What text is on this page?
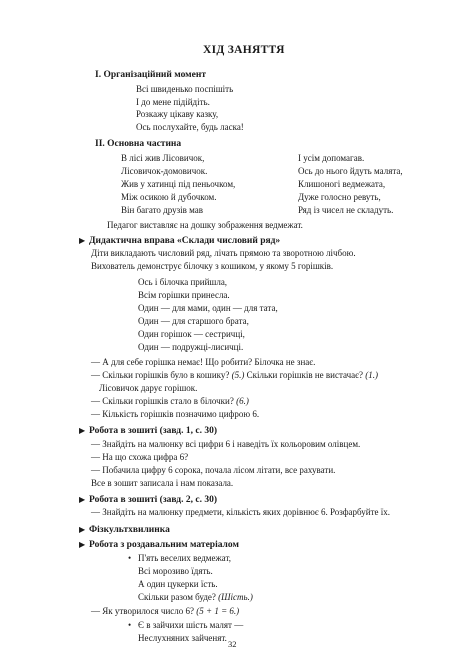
ХІД ЗАНЯТТЯ
І. Організаційний момент
Всі швиденько поспішіть
І до мене підійдіть.
Розкажу цікаву казку,
Ось послухайте, будь ласка!
ІІ. Основна частина
В лісі жив Лісовичок,
Лісовичок-домовичок.
Жив у хатинці під пеньочком,
Між осикою й дубочком.
Він багато друзів мав
І усім допомагав.
Ось до нього йдуть малята,
Клишоногі ведмежата,
Дуже голосно ревуть,
Ряд із чисел не складуть.
Педагог виставляє на дошку зображення ведмежат.
▶ Дидактична вправа «Склади числовий ряд»
Діти викладають числовий ряд, лічать прямою та зворотною лічбою.
Вихователь демонструє білочку з кошиком, у якому 5 горішків.
Ось і білочка прийшла,
Всім горішки принесла.
Один — для мами, один — для тата,
Один — для старшого брата,
Один горішок — сестричці,
Один — подружці-лисичці.
— А для себе горішка немає! Що робити? Білочка не знає.
— Скільки горішків було в кошику? (5.) Скільки горішків не вистачає? (1.)
Лісовичок дарує горішок.
— Скільки горішків стало в білочки? (6.)
— Кількість горішків позначимо цифрою 6.
▶ Робота в зошиті (завд. 1, с. 30)
— Знайдіть на малюнку всі цифри 6 і наведіть їх кольоровим олівцем.
— На що схожа цифра 6?
— Побачила цифру 6 сорока, почала лісом літати, все рахувати.
Все в зошит записала і нам показала.
▶ Робота в зошиті (завд. 2, с. 30)
— Знайдіть на малюнку предмети, кількість яких дорівнює 6. Розфарбуйте їх.
▶ Фізкультхвилинка
▶ Робота з роздавальним матеріалом
• П'ять веселих ведмежат,
Всі морозиво їдять.
А один цукерки їсть.
Скільки разом буде? (Шість.)
— Як утворилося число 6? (5 + 1 = 6.)
• Є в зайчихи шість малят —
Неслухняних зайченят.
32
